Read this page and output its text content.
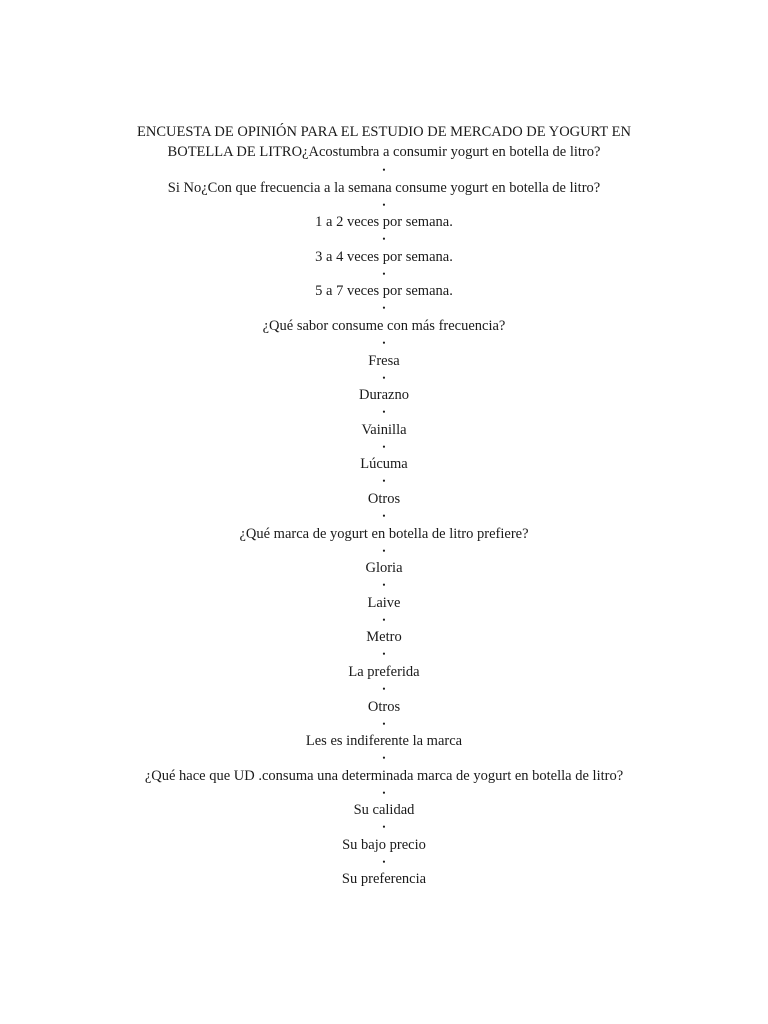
ENCUESTA DE OPINIÓN PARA EL ESTUDIO DE MERCADO DE YOGURT EN
BOTELLA DE LITRO¿Acostumbra a consumir yogurt en botella de litro?
•
Si No¿Con que frecuencia a la semana consume yogurt en botella de litro?
•
1 a 2 veces por semana.
•
3 a 4 veces por semana.
•
5 a 7 veces por semana.
•
¿Qué sabor consume con más frecuencia?
•
Fresa
•
Durazno
•
Vainilla
•
Lúcuma
•
Otros
•
¿Qué marca de yogurt en botella de litro prefiere?
•
Gloria
•
Laive
•
Metro
•
La preferida
•
Otros
•
Les es indiferente la marca
•
¿Qué hace que UD .consuma una determinada marca de yogurt en botella de litro?
•
Su calidad
•
Su bajo precio
•
Su preferencia
